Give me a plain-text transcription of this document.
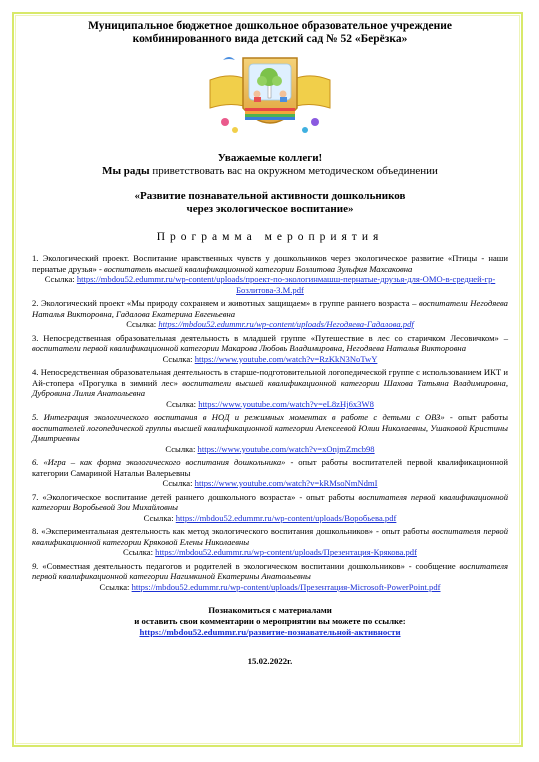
Муниципальное бюджетное дошкольное образовательное учреждение
комбинированного вида детский сад № 52 «Берёзка»
Уважаемые коллеги!
Мы рады приветствовать вас на окружном методическом объединении
«Развитие познавательной активности дошкольников
через экологическое воспитание»
Программа мероприятия
1. Экологический проект. Воспитание нравственных чувств у дошкольников через экологическое развитие «Птицы - наши пернатые друзья» - воспитатель высшей квалификационной категории Бозлитова Зульфия Махсаковна
Ссылка: https://mbdou52.edummr.ru/wp-content/uploads/проект-по-экологинмашш-пернатые-друзья-для-ОМО-в-средней-гр-Бозлитова-З.М.pdf
2. Экологический проект «Мы природу сохраняем и животных защищаем» в группе раннего возраста – воспитатели Негодяева Наталья Викторовна, Гадалова Екатерина Евгеньевна
Ссылка: https://mbdou52.edummr.ru/wp-content/uploads/Негодяева-Гадалова.pdf
3. Непосредственная образовательная деятельность в младшей группе «Путешествие в лес со старичком Лесовичком» – воспитатели первой квалификационной категории Макарова Любовь Владимировна, Негодяева Наталья Викторовна
Ссылка: https://www.youtube.com/watch?v=RzKkN3NoTwY
4. Непосредственная образовательная деятельность в старше-подготовительной логопедической группе с использованием ИКТ и Ай-стопера «Прогулка в зимний лес» воспитатели высшей квалификационной категории Шахова Татьяна Владимировна, Дубровина Лилия Анатольевна
Ссылка: https://www.youtube.com/watch?v=eL8zHj6x3W8
5. Интеграция экологического воспитания в НОД и режимных моментах в работе с детьми с ОВЗ» - опыт работы воспитателей логопедической группы высшей квалификационной категории Алексеевой Юлии Николаевны, Ушаковой Кристины Дмитриевны
Ссылка: https://www.youtube.com/watch?v=xOnjmZmcb98
6. «Игра – как форма экологического воспитания дошкольника» - опыт работы воспитателей первой квалификационной категории Самариной Натальи Валерьевны
Ссылка: https://www.youtube.com/watch?v=kRMsoNmNdmI
7. «Экологическое воспитание детей раннего дошкольного возраста» - опыт работы воспитателя первой квалификационной категории Воробьевой Зои Михайловны
Ссылка: https://mbdou52.edummr.ru/wp-content/uploads/Воробьева.pdf
8. «Экспериментальная деятельность как метод экологического воспитания дошкольников» - опыт работы воспитателя первой квалификационной категории Кряковой Елены Николаевны
Ссылка: https://mbdou52.edummr.ru/wp-content/uploads/Презентация-Крякова.pdf
9. «Совместная деятельность педагогов и родителей в экологическом воспитании дошкольников» - сообщение воспитателя первой квалификационной категории Нагимкиной Екатерины Анатольевны
Ссылка: https://mbdou52.edummr.ru/wp-content/uploads/Презентация-Microsoft-PowerPoint.pdf
Познакомиться с материалами
и оставить свои комментарии о мероприятии вы можете по ссылке:
https://mbdou52.edummr.ru/развитие-познавательной-активности
15.02.2022г.
